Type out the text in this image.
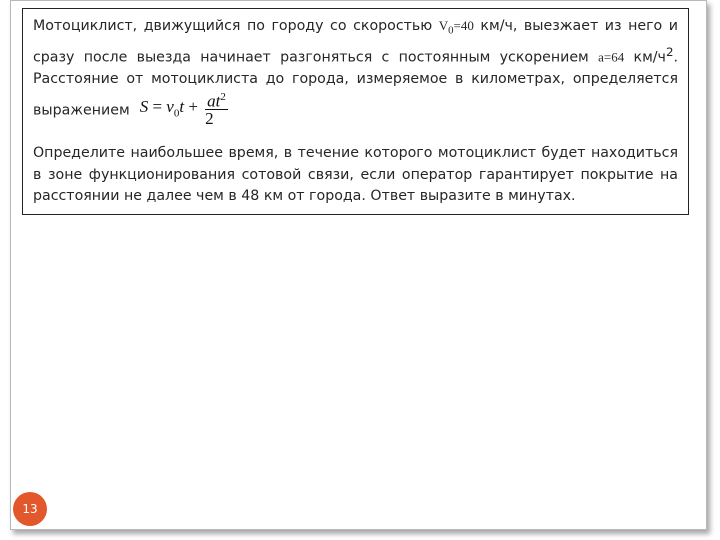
Мотоциклист, движущийся по городу со скоростью $V_0=40$ км/ч, выезжает из него и сразу после выезда начинает разгоняться с постоянным ускорением a=64 $км/ч^2$. Расстояние от мотоциклиста до города, измеряемое в километрах, определяется выражением $S = v_0t + \frac{at^2}{2}$

Определите наибольшее время, в течение которого мотоциклист будет находиться в зоне функционирования сотовой связи, если оператор гарантирует покрытие на расстоянии не далее чем в 48 км от города. Ответ выразите в минутах.

13
